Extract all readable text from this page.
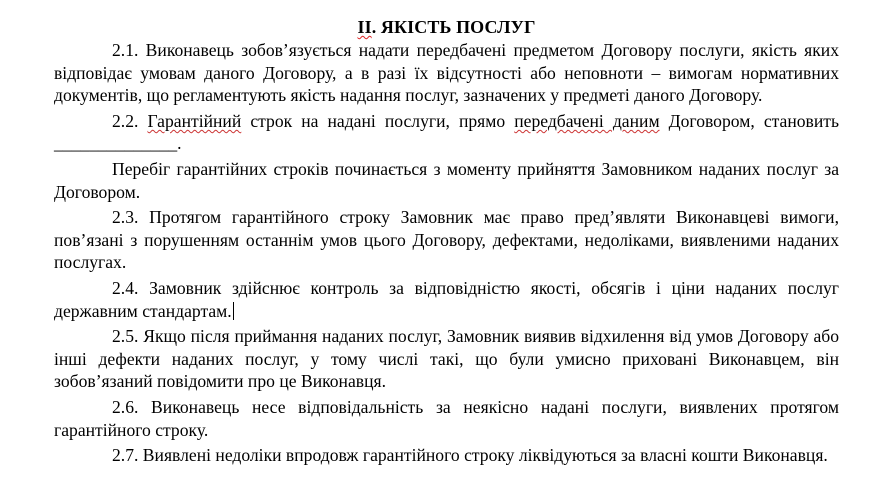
ІІ. ЯКІСТЬ ПОСЛУГ

2.1. Виконавець зобов’язується надати передбачені предметом Договору послуги, якість яких відповідає умовам даного Договору, а в разі їх відсутності або неповноти – вимогам нормативних документів, що регламентують якість надання послуг, зазначених у предметі даного Договору.

2.2. Гарантійний строк на надані послуги, прямо передбачені даним Договором, становить ______________.

Перебіг гарантійних строків починається з моменту прийняття Замовником наданих послуг за Договором.

2.3. Протягом гарантійного строку Замовник має право пред’являти Виконавцеві вимоги, пов’язані з порушенням останнім умов цього Договору, дефектами, недоліками, виявленими наданих послугах.

2.4. Замовник здійснює контроль за відповідністю якості, обсягів і ціни наданих послуг державним стандартам.

2.5. Якщо після приймання наданих послуг, Замовник виявив відхилення від умов Договору або інші дефекти наданих послуг, у тому числі такі, що були умисно приховані Виконавцем, він зобов’язаний повідомити про це Виконавця.

2.6. Виконавець несе відповідальність за неякісно надані послуги, виявлених протягом гарантійного строку.

2.7. Виявлені недоліки впродовж гарантійного строку ліквідуються за власні кошти Виконавця.
